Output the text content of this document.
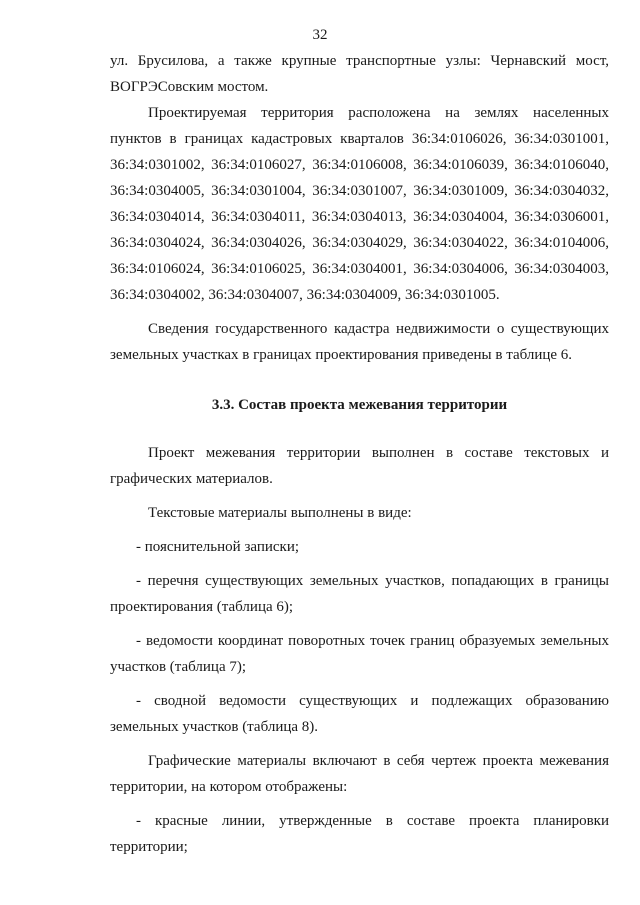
32

ул. Брусилова, а также крупные транспортные узлы: Чернавский мост, ВОГРЭСовским мостом.

Проектируемая территория расположена на землях населенных пунктов в границах кадастровых кварталов 36:34:0106026, 36:34:0301001, 36:34:0301002, 36:34:0106027, 36:34:0106008, 36:34:0106039, 36:34:0106040, 36:34:0304005, 36:34:0301004, 36:34:0301007, 36:34:0301009, 36:34:0304032, 36:34:0304014, 36:34:0304011, 36:34:0304013, 36:34:0304004, 36:34:0306001, 36:34:0304024, 36:34:0304026, 36:34:0304029, 36:34:0304022, 36:34:0104006, 36:34:0106024, 36:34:0106025, 36:34:0304001, 36:34:0304006, 36:34:0304003, 36:34:0304002, 36:34:0304007, 36:34:0304009, 36:34:0301005.

Сведения государственного кадастра недвижимости о существующих земельных участках в границах проектирования приведены в таблице 6.

3.3. Состав проекта межевания территории

Проект межевания территории выполнен в составе текстовых и графических материалов.

Текстовые материалы выполнены в виде:

- пояснительной записки;

- перечня существующих земельных участков, попадающих в границы проектирования (таблица 6);

- ведомости координат поворотных точек границ образуемых земельных участков (таблица 7);

- сводной ведомости существующих и подлежащих образованию земельных участков (таблица 8).

Графические материалы включают в себя чертеж проекта межевания территории, на котором отображены:

- красные линии, утвержденные в составе проекта планировки территории;
